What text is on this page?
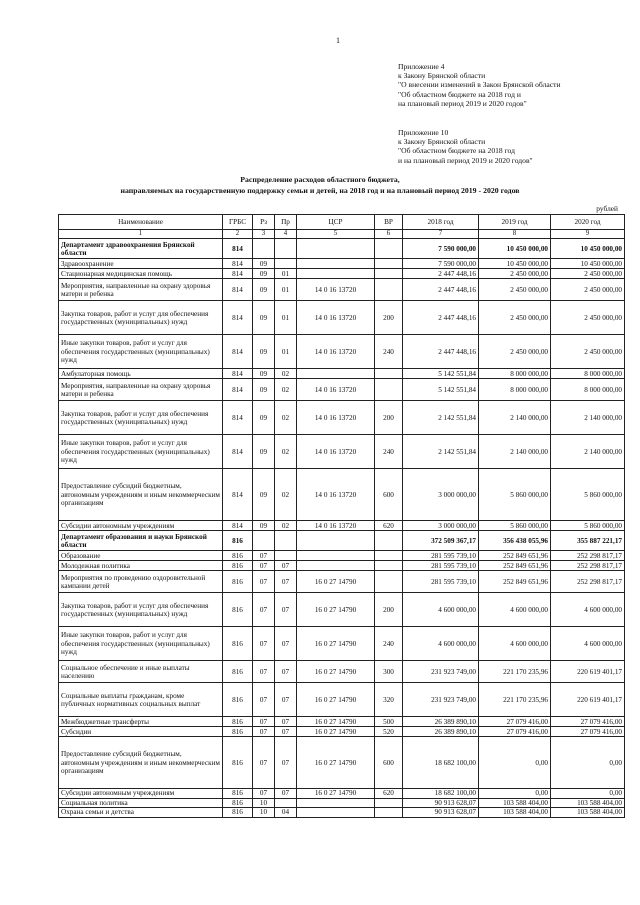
1
Приложение 4
к Закону Брянской области
"О внесении изменений в Закон Брянской области
"Об областном бюджете на 2018 год и
на плановый период 2019 и 2020 годов"
Приложение 10
к Закону Брянской области
"Об областном бюджете на 2018 год
и на плановый период 2019 и 2020 годов"
Распределение расходов областного бюджета,
направляемых на государственную поддержку семьи и детей, на 2018 год и на плановый период 2019 - 2020 годов
рублей
Наименование	ГРБС	Рз	Пр	ЦСР	ВР	2018 год	2019 год	2020 год
1	2	3	4	5	6	7	8	9
Департамент здравоохранения Брянской области	814					7 590 000,00	10 450 000,00	10 450 000,00
Здравоохранение	814	09				7 590 000,00	10 450 000,00	10 450 000,00
Стационарная медицинская помощь	814	09	01			2 447 448,16	2 450 000,00	2 450 000,00
Мероприятия, направленные на охрану здоровья матери и ребенка	814	09	01	14 0 16 13720		2 447 448,16	2 450 000,00	2 450 000,00
Закупка товаров, работ и услуг для обеспечения государственных (муниципальных) нужд	814	09	01	14 0 16 13720	200	2 447 448,16	2 450 000,00	2 450 000,00
Иные закупки товаров, работ и услуг для обеспечения государственных (муниципальных) нужд	814	09	01	14 0 16 13720	240	2 447 448,16	2 450 000,00	2 450 000,00
Амбулаторная помощь	814	09	02			5 142 551,84	8 000 000,00	8 000 000,00
Мероприятия, направленные на охрану здоровья матери и ребенка	814	09	02	14 0 16 13720		5 142 551,84	8 000 000,00	8 000 000,00
Закупка товаров, работ и услуг для обеспечения государственных (муниципальных) нужд	814	09	02	14 0 16 13720	200	2 142 551,84	2 140 000,00	2 140 000,00
Иные закупки товаров, работ и услуг для обеспечения государственных (муниципальных) нужд	814	09	02	14 0 16 13720	240	2 142 551,84	2 140 000,00	2 140 000,00
Предоставление субсидий бюджетным, автономным учреждениям и иным некоммерческим организациям	814	09	02	14 0 16 13720	600	3 000 000,00	5 860 000,00	5 860 000,00
Субсидии автономным учреждениям	814	09	02	14 0 16 13720	620	3 000 000,00	5 860 000,00	5 860 000,00
Департамент образования и науки Брянской области	816					372 509 367,17	356 438 055,96	355 887 221,17
Образование	816	07				281 595 739,10	252 849 651,96	252 298 817,17
Молодежная политика	816	07	07			281 595 739,10	252 849 651,96	252 298 817,17
Мероприятия по проведению оздоровительной кампании детей	816	07	07	16 0 27 14790		281 595 739,10	252 849 651,96	252 298 817,17
Закупка товаров, работ и услуг для обеспечения государственных (муниципальных) нужд	816	07	07	16 0 27 14790	200	4 600 000,00	4 600 000,00	4 600 000,00
Иные закупки товаров, работ и услуг для обеспечения государственных (муниципальных) нужд	816	07	07	16 0 27 14790	240	4 600 000,00	4 600 000,00	4 600 000,00
Социальное обеспечение и иные выплаты населению	816	07	07	16 0 27 14790	300	231 923 749,00	221 170 235,96	220 619 401,17
Социальные выплаты гражданам, кроме публичных нормативных социальных выплат	816	07	07	16 0 27 14790	320	231 923 749,00	221 170 235,96	220 619 401,17
Межбюджетные трансферты	816	07	07	16 0 27 14790	500	26 389 890,10	27 079 416,00	27 079 416,00
Субсидии	816	07	07	16 0 27 14790	520	26 389 890,10	27 079 416,00	27 079 416,00
Предоставление субсидий бюджетным, автономным учреждениям и иным некоммерческим организациям	816	07	07	16 0 27 14790	600	18 682 100,00	0,00	0,00
Субсидии автономным учреждениям	816	07	07	16 0 27 14790	620	18 682 100,00	0,00	0,00
Социальная политика	816	10				90 913 628,07	103 588 404,00	103 588 404,00
Охрана семьи и детства	816	10	04			90 913 628,07	103 588 404,00	103 588 404,00
